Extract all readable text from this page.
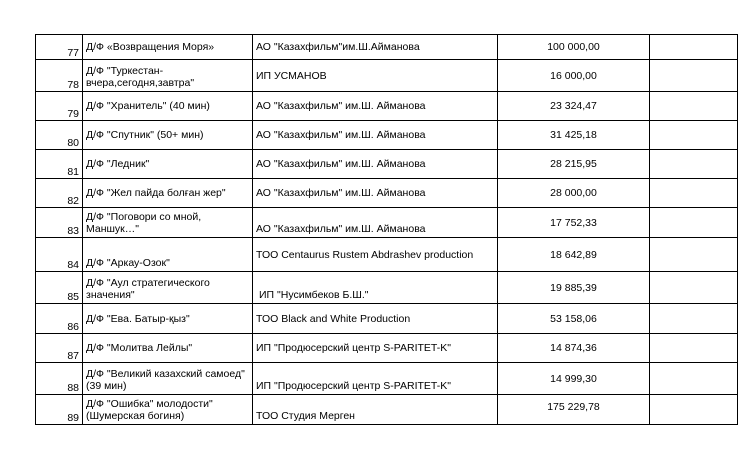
77	Д/Ф «Возвращения Моря»	АО "Казахфильм"им.Ш.Айманова	100 000,00	
78	Д/Ф "Туркестан-вчера,сегодня,завтра"	ИП УСМАНОВ	16 000,00	
79	Д/Ф "Хранитель" (40 мин)	АО "Казахфильм" им.Ш. Айманова	23 324,47	
80	Д/Ф "Спутник" (50+ мин)	АО "Казахфильм" им.Ш. Айманова	31 425,18	
81	Д/Ф "Ледник"	АО "Казахфильм" им.Ш. Айманова	28 215,95	
82	Д/Ф "Жел пайда болған жер"	АО "Казахфильм" им.Ш. Айманова	28 000,00	
83	Д/Ф "Поговори со мной, Маншук…"	АО "Казахфильм" им.Ш. Айманова	17 752,33	
84	Д/Ф "Аркау-Озок"	ТОО Centaurus Rustem Abdrashev production	18 642,89	
85	Д/Ф "Аул стратегического значения"	ИП "Нусимбеков Б.Ш."	19 885,39	
86	Д/Ф "Ева. Батыр-қыз"	ТОО Black and White Production	53 158,06	
87	Д/Ф "Молитва Лейлы"	ИП "Продюсерский центр S-PARITET-K"	14 874,36	
88	Д/Ф "Великий казахский самоед" (39 мин)	ИП "Продюсерский центр S-PARITET-K"	14 999,30	
89	Д/Ф "Ошибка" молодости" (Шумерская богиня)	ТОО Студия Мерген	175 229,78	
